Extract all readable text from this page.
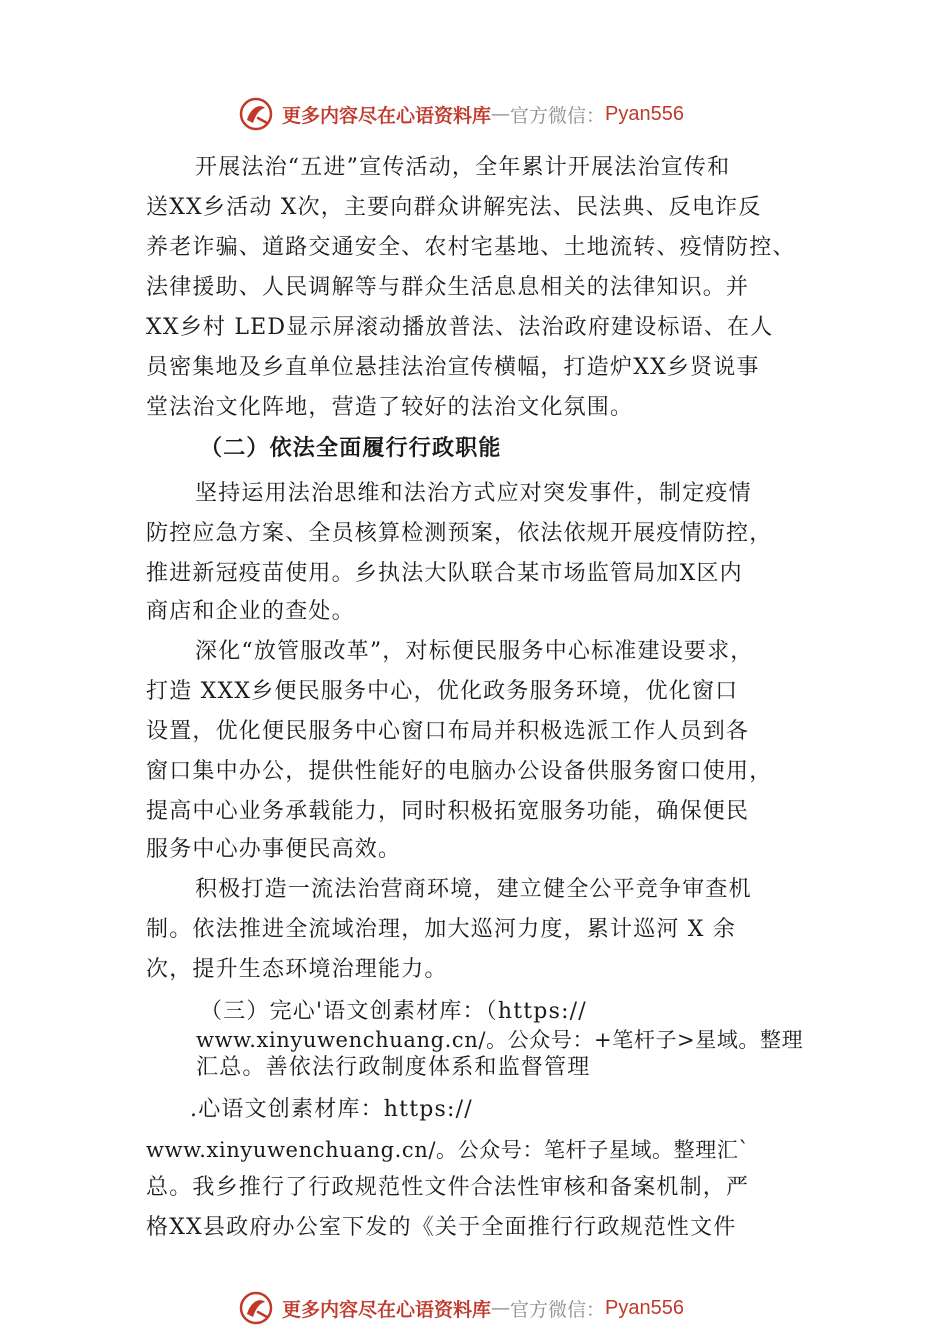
更多内容尽在心语资料库 — 官方微信： Pyan556
开展法治“五进”宣传活动，全年累计开展法治宣传和
送XX乡活动 X次，主要向群众讲解宪法、民法典、反电诈反
养老诈骗、道路交通安全、农村宅基地、土地流转、疫情防控、
法律援助、人民调解等与群众生活息息相关的法律知识。并
XX乡村 LED显示屏滚动播放普法、法治政府建设标语、在人
员密集地及乡直单位悬挂法治宣传横幅，打造炉XX乡贤说事
堂法治文化阵地，营造了较好的法治文化氛围。
（二）依法全面履行行政职能
坚持运用法治思维和法治方式应对突发事件，制定疫情
防控应急方案、全员核算检测预案，依法依规开展疫情防控，
推进新冠疫苗使用。乡执法大队联合某市场监管局加X区内
商店和企业的查处。
深化“放管服改革”，对标便民服务中心标准建设要求，
打造 XXX乡便民服务中心，优化政务服务环境，优化窗口
设置，优化便民服务中心窗口布局并积极选派工作人员到各
窗口集中办公，提供性能好的电脑办公设备供服务窗口使用，
提高中心业务承载能力，同时积极拓宽服务功能，确保便民
服务中心办事便民高效。
积极打造一流法治营商环境，建立健全公平竞争审查机
制。依法推进全流域治理，加大巡河力度，累计巡河 X 余
次，提升生态环境治理能力。
（三）完心'语文创素材库：（https://
www.xinyuwenchuang.cn/。公众号：+笔杆子>星域。整理
汇总。善依法行政制度体系和监督管理
.心语文创素材库：https://
www.xinyuwenchuang.cn/。公众号：笔杆子星域。整理汇`
总。我乡推行了行政规范性文件合法性审核和备案机制，严
格XX县政府办公室下发的《关于全面推行行政规范性文件
更多内容尽在心语资料库 — 官方微信： Pyan556
